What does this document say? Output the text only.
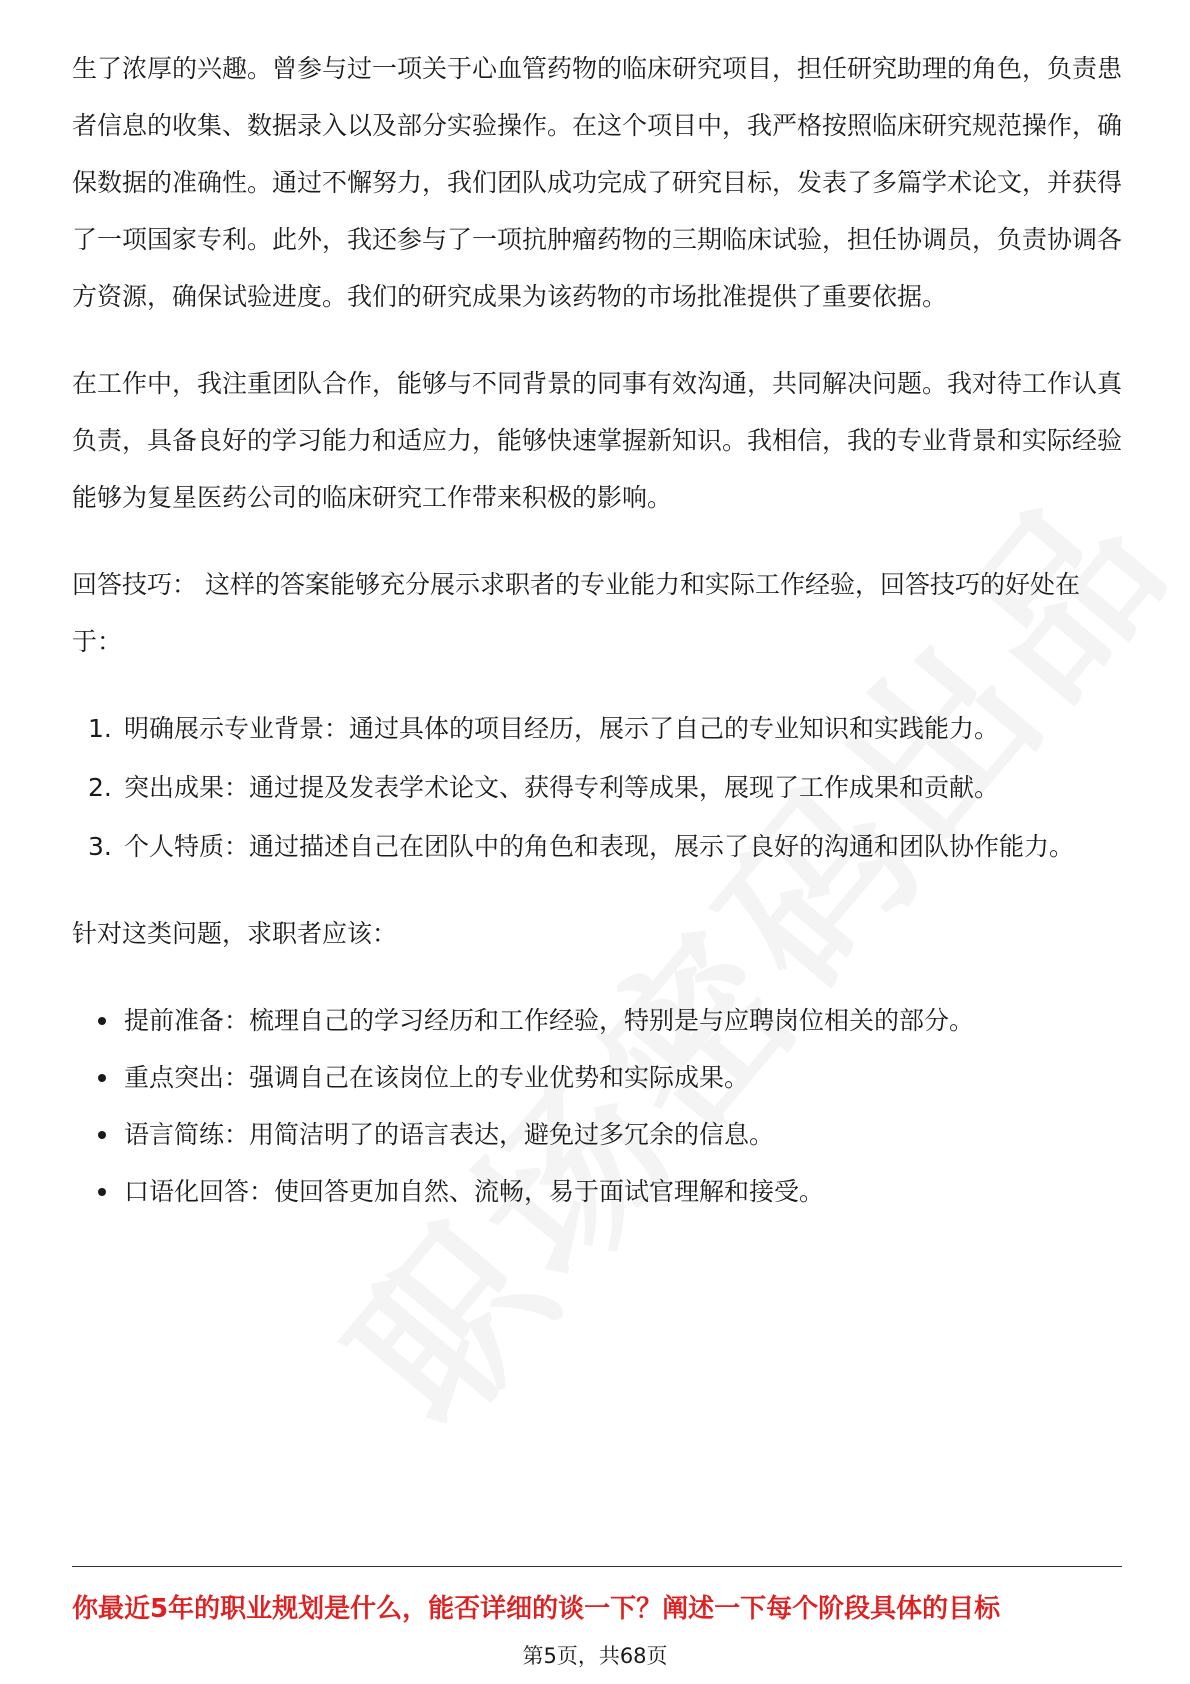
生了浓厚的兴趣。曾参与过一项关于心血管药物的临床研究项目，担任研究助理的角色，负责患者信息的收集、数据录入以及部分实验操作。在这个项目中，我严格按照临床研究规范操作，确保数据的准确性。通过不懈努力，我们团队成功完成了研究目标，发表了多篇学术论文，并获得了一项国家专利。此外，我还参与了一项抗肿瘤药物的三期临床试验，担任协调员，负责协调各方资源，确保试验进度。我们的研究成果为该药物的市场批准提供了重要依据。

在工作中，我注重团队合作，能够与不同背景的同事有效沟通，共同解决问题。我对待工作认真负责，具备良好的学习能力和适应力，能够快速掌握新知识。我相信，我的专业背景和实际经验能够为复星医药公司的临床研究工作带来积极的影响。

回答技巧： 这样的答案能够充分展示求职者的专业能力和实际工作经验，回答技巧的好处在于：

1. 明确展示专业背景：通过具体的项目经历，展示了自己的专业知识和实践能力。
2. 突出成果：通过提及发表学术论文、获得专利等成果，展现了工作成果和贡献。
3. 个人特质：通过描述自己在团队中的角色和表现，展示了良好的沟通和团队协作能力。

针对这类问题，求职者应该：

提前准备：梳理自己的学习经历和工作经验，特别是与应聘岗位相关的部分。
重点突出：强调自己在该岗位上的专业优势和实际成果。
语言简练：用简洁明了的语言表达，避免过多冗余的信息。
口语化回答：使回答更加自然、流畅，易于面试官理解和接受。
你最近5年的职业规划是什么，能否详细的谈一下？阐述一下每个阶段具体的目标
第5页，共68页
